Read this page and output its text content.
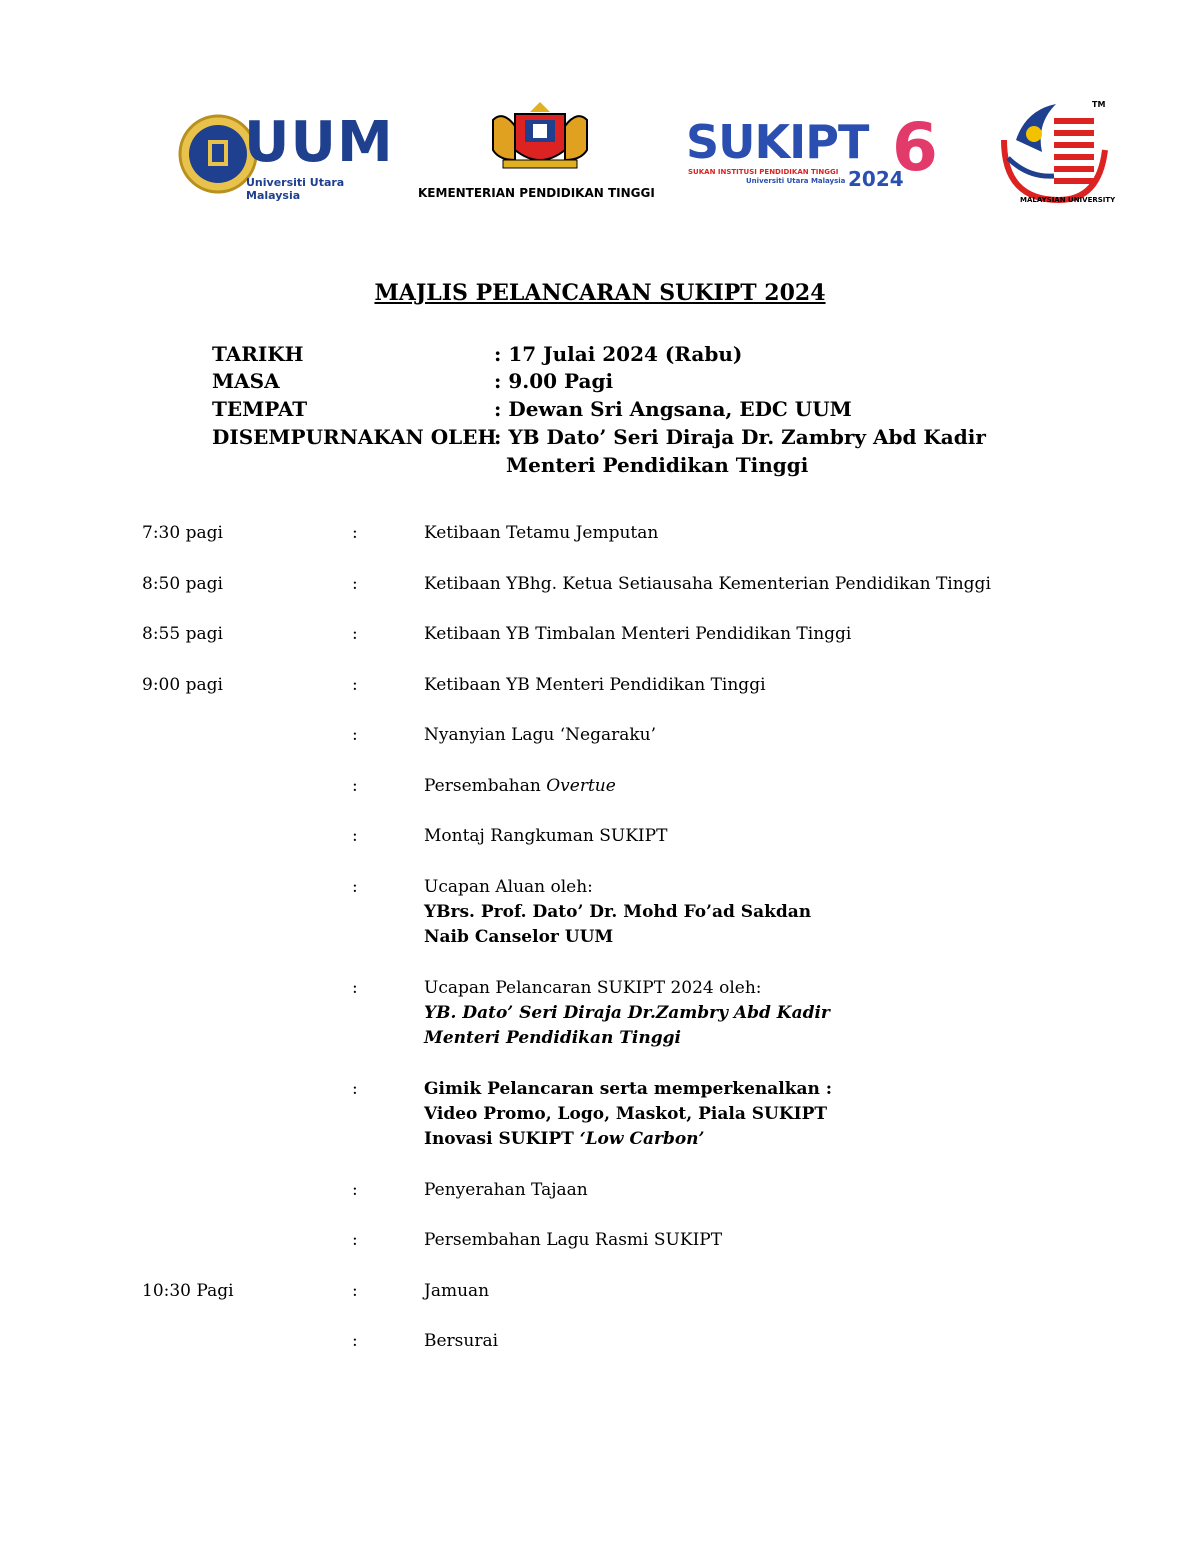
UUM
Universiti Utara Malaysia	KEMENTERIAN PENDIDIKAN TINGGI
SUKIPT 6
SUKAN INSTITUSI PENDIDIKAN TINGGI
Universiti Utara Malaysia 2024
TM
MALAYSIAN UNIVERSITY
MAJLIS PELANCARAN SUKIPT 2024
TARIKH	: 17 Julai 2024 (Rabu)
MASA	: 9.00 Pagi
TEMPAT	: Dewan Sri Angsana, EDC UUM
DISEMPURNAKAN OLEH
: YB Dato’ Seri Diraja Dr. Zambry Abd Kadir
Menteri Pendidikan Tinggi
7:30 pagi	:	Ketibaan Tetamu Jemputan
8:50 pagi	:	Ketibaan YBhg. Ketua Setiausaha Kementerian Pendidikan Tinggi
8:55 pagi	:	Ketibaan YB Timbalan Menteri Pendidikan Tinggi
9:00 pagi	:	Ketibaan YB Menteri Pendidikan Tinggi
:	Nyanyian Lagu ‘Negaraku’
:	Persembahan Overtue
:	Montaj Rangkuman SUKIPT
:	Ucapan Aluan oleh:
YBrs. Prof. Dato’ Dr. Mohd Fo’ad Sakdan
Naib Canselor UUM
:	Ucapan Pelancaran SUKIPT 2024 oleh:
YB. Dato’ Seri Diraja Dr.Zambry Abd Kadir
Menteri Pendidikan Tinggi
:	Gimik Pelancaran serta memperkenalkan :
Video Promo, Logo, Maskot, Piala SUKIPT
Inovasi SUKIPT ‘Low Carbon’
:	Penyerahan Tajaan
:	Persembahan Lagu Rasmi SUKIPT
10:30 Pagi	:	Jamuan
:	Bersurai
